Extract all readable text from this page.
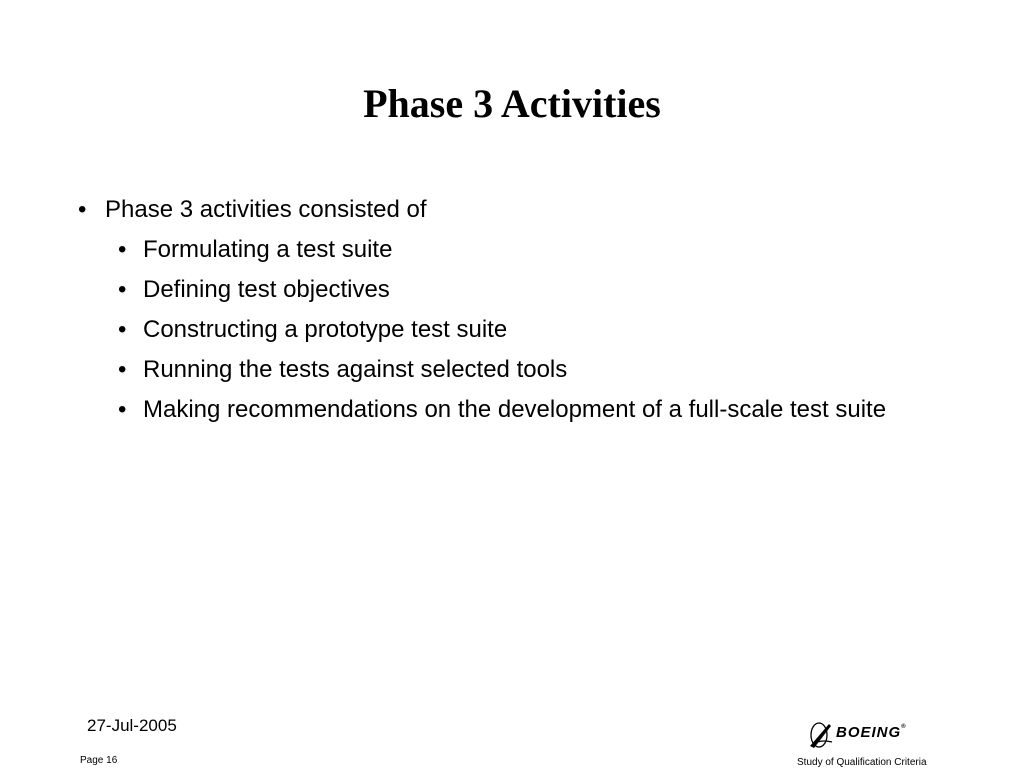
Phase 3 Activities
• Phase 3 activities consisted of
• Formulating a test suite
• Defining test objectives
• Constructing a prototype test suite
• Running the tests against selected tools
• Making recommendations on the development of a full-scale test suite
27-Jul-2005
Page 16
BOEING®
Study of Qualification Criteria
